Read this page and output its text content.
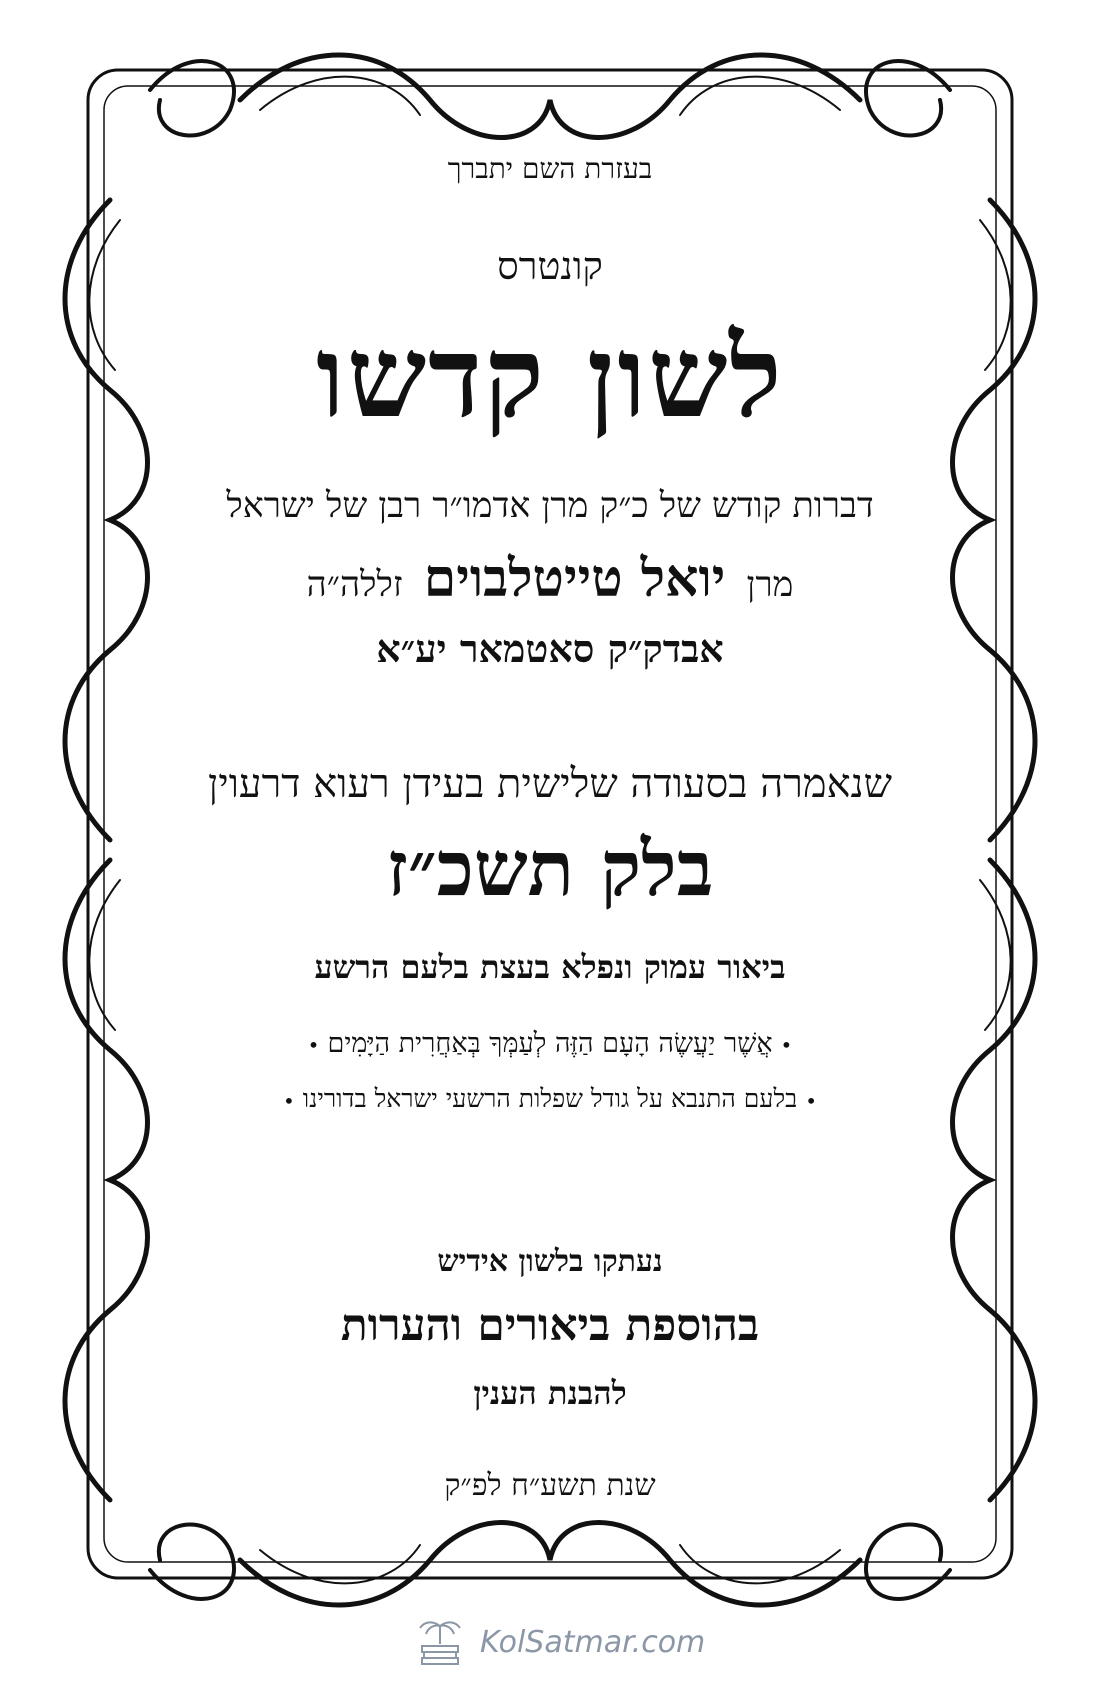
בעזרת השם יתברך

קונטרס

לשון קדשו

דברות קודש של כ״ק מרן אדמו״ר רבן של ישראל

מרן יואל טייטלבוים זללה״ה

אבדק״ק סאטמאר יע״א

שנאמרה בסעודה שלישית בעידן רעוא דרעוין

בלק תשכ״ז

ביאור עמוק ונפלא בעצת בלעם הרשע

•אֲשֶׁר יַעֲשֶׂה הָעָם הַזֶּה לְעַמְּךָ בְּאַחֲרִית הַיָּמִים•

•בלעם התנבא על גודל שפלות הרשעי ישראל בדורינו•

נעתקו בלשון אידיש

בהוספת ביאורים והערות

להבנת הענין

שנת תשע״ח לפ״ק

KolSatmar.com
